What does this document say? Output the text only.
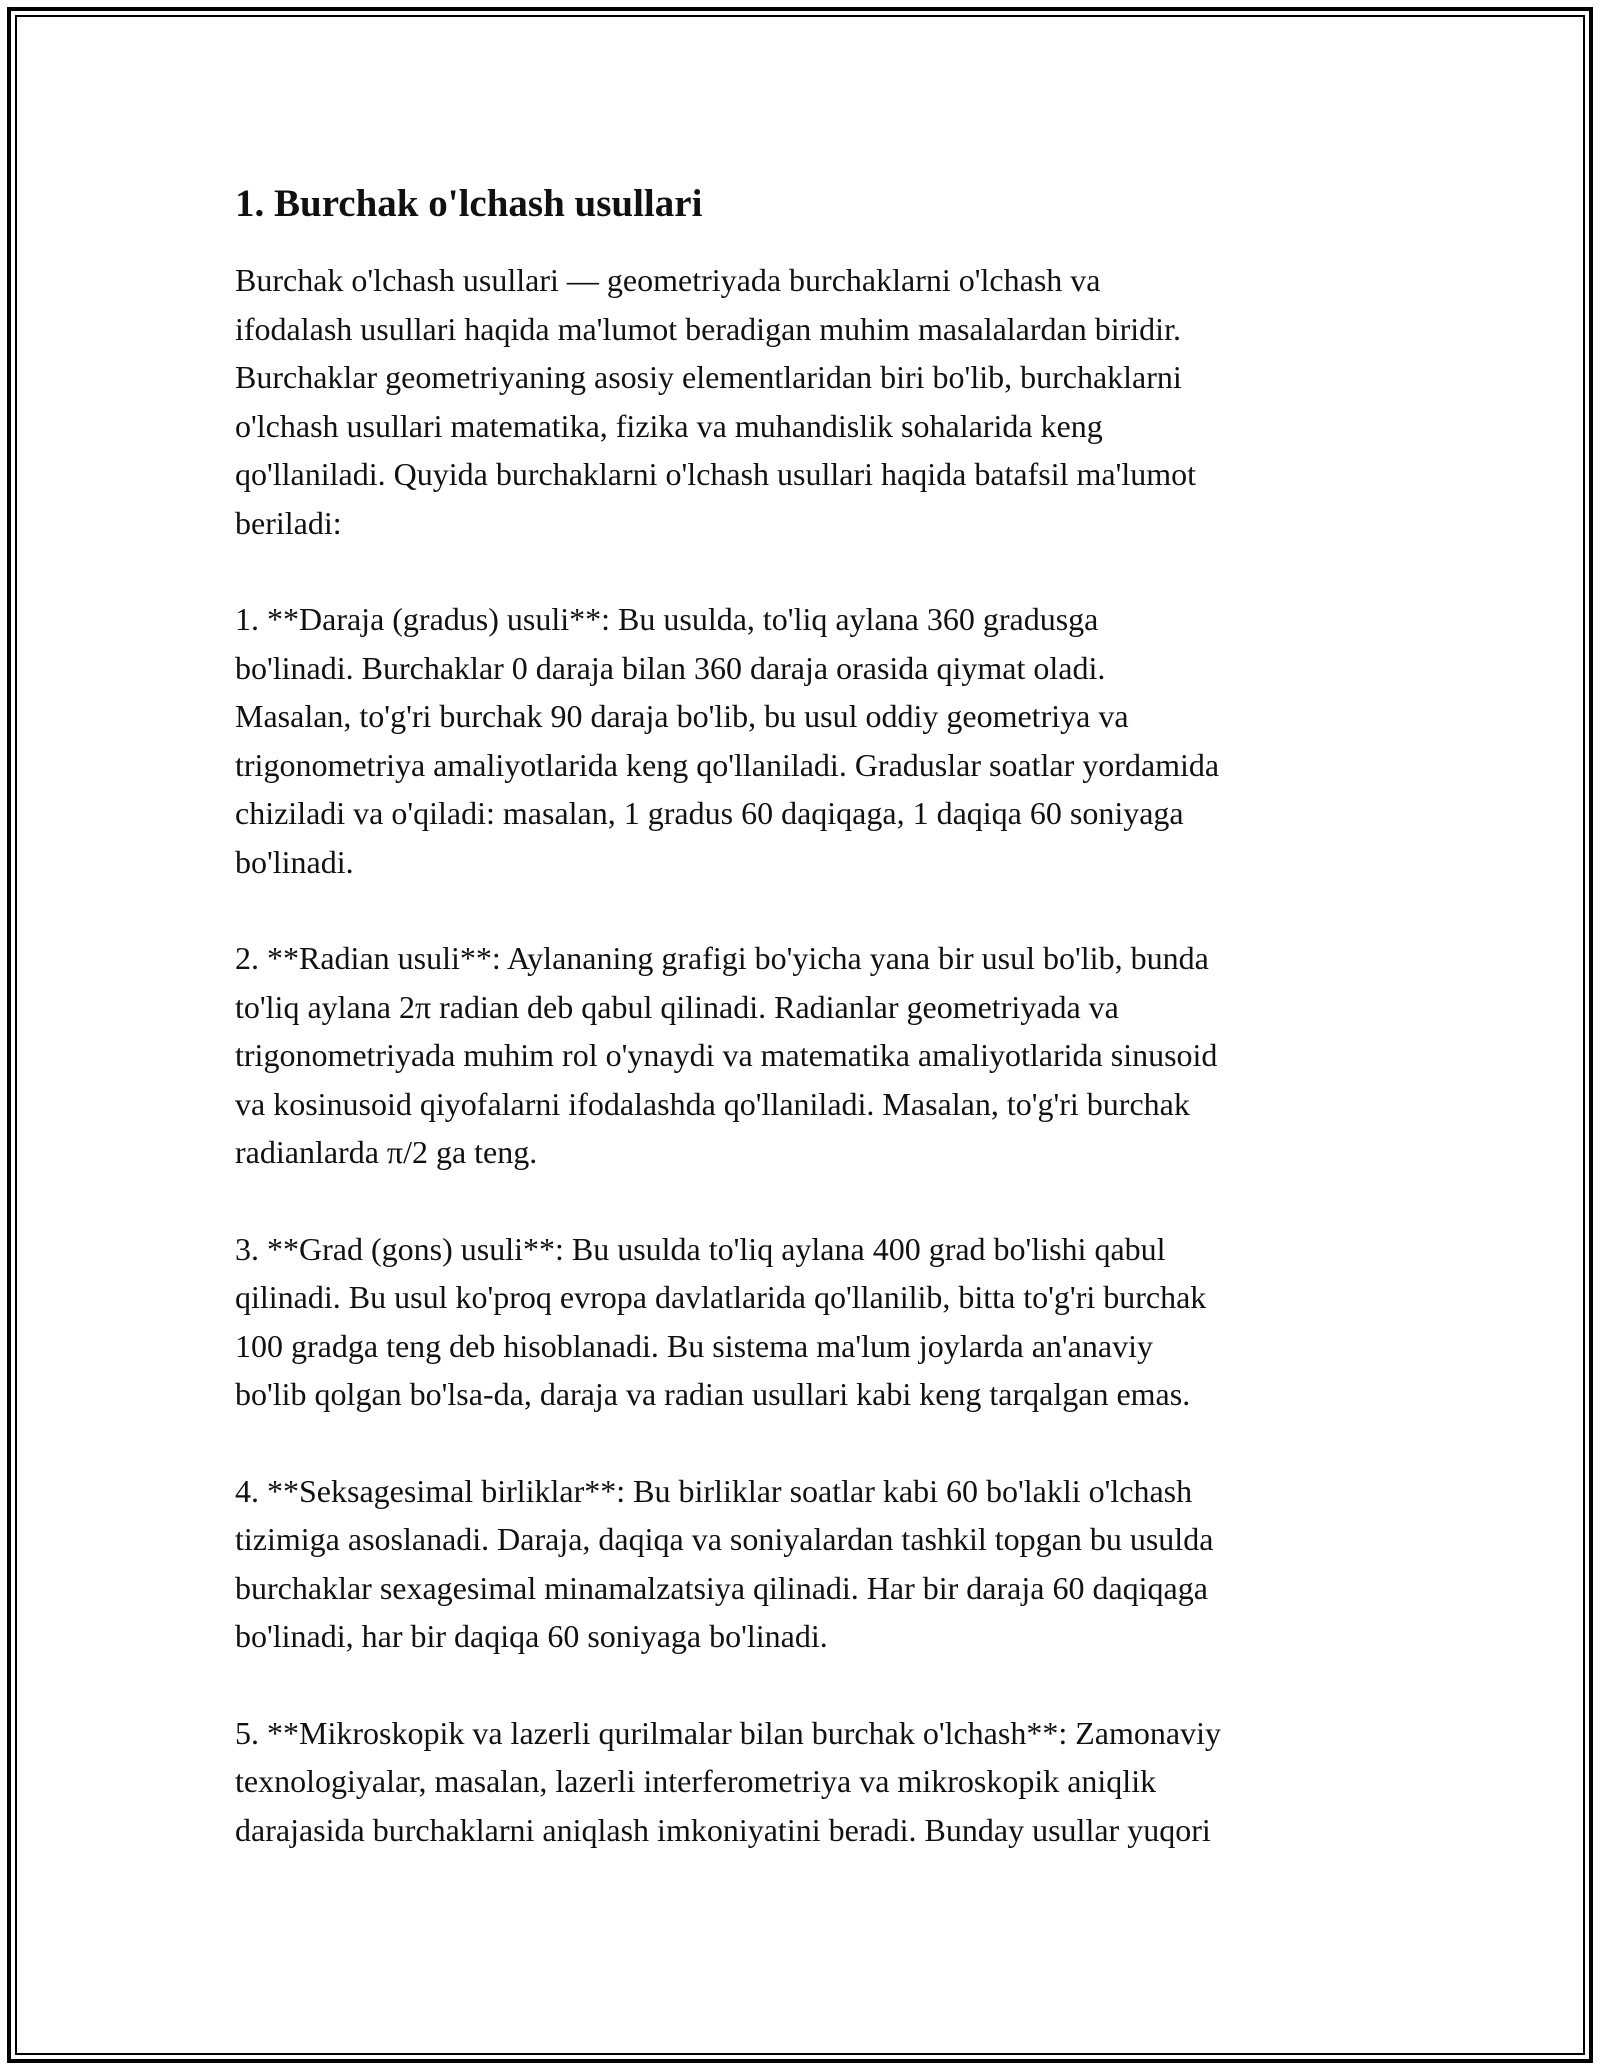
1. Burchak o'lchash usullari

Burchak o'lchash usullari — geometriyada burchaklarni o'lchash va
ifodalash usullari haqida ma'lumot beradigan muhim masalalardan biridir.
Burchaklar geometriyaning asosiy elementlaridan biri bo'lib, burchaklarni
o'lchash usullari matematika, fizika va muhandislik sohalarida keng
qo'llaniladi. Quyida burchaklarni o'lchash usullari haqida batafsil ma'lumot
beriladi:

1. **Daraja (gradus) usuli**: Bu usulda, to'liq aylana 360 gradusga
bo'linadi. Burchaklar 0 daraja bilan 360 daraja orasida qiymat oladi.
Masalan, to'g'ri burchak 90 daraja bo'lib, bu usul oddiy geometriya va
trigonometriya amaliyotlarida keng qo'llaniladi. Graduslar soatlar yordamida
chiziladi va o'qiladi: masalan, 1 gradus 60 daqiqaga, 1 daqiqa 60 soniyaga
bo'linadi.

2. **Radian usuli**: Aylananing grafigi bo'yicha yana bir usul bo'lib, bunda
to'liq aylana 2π radian deb qabul qilinadi. Radianlar geometriyada va
trigonometriyada muhim rol o'ynaydi va matematika amaliyotlarida sinusoid
va kosinusoid qiyofalarni ifodalashda qo'llaniladi. Masalan, to'g'ri burchak
radianlarda π/2 ga teng.

3. **Grad (gons) usuli**: Bu usulda to'liq aylana 400 grad bo'lishi qabul
qilinadi. Bu usul ko'proq evropa davlatlarida qo'llanilib, bitta to'g'ri burchak
100 gradga teng deb hisoblanadi. Bu sistema ma'lum joylarda an'anaviy
bo'lib qolgan bo'lsa-da, daraja va radian usullari kabi keng tarqalgan emas.

4. **Seksagesimal birliklar**: Bu birliklar soatlar kabi 60 bo'lakli o'lchash
tizimiga asoslanadi. Daraja, daqiqa va soniyalardan tashkil topgan bu usulda
burchaklar sexagesimal minamalzatsiya qilinadi. Har bir daraja 60 daqiqaga
bo'linadi, har bir daqiqa 60 soniyaga bo'linadi.

5. **Mikroskopik va lazerli qurilmalar bilan burchak o'lchash**: Zamonaviy
texnologiyalar, masalan, lazerli interferometriya va mikroskopik aniqlik
darajasida burchaklarni aniqlash imkoniyatini beradi. Bunday usullar yuqori
